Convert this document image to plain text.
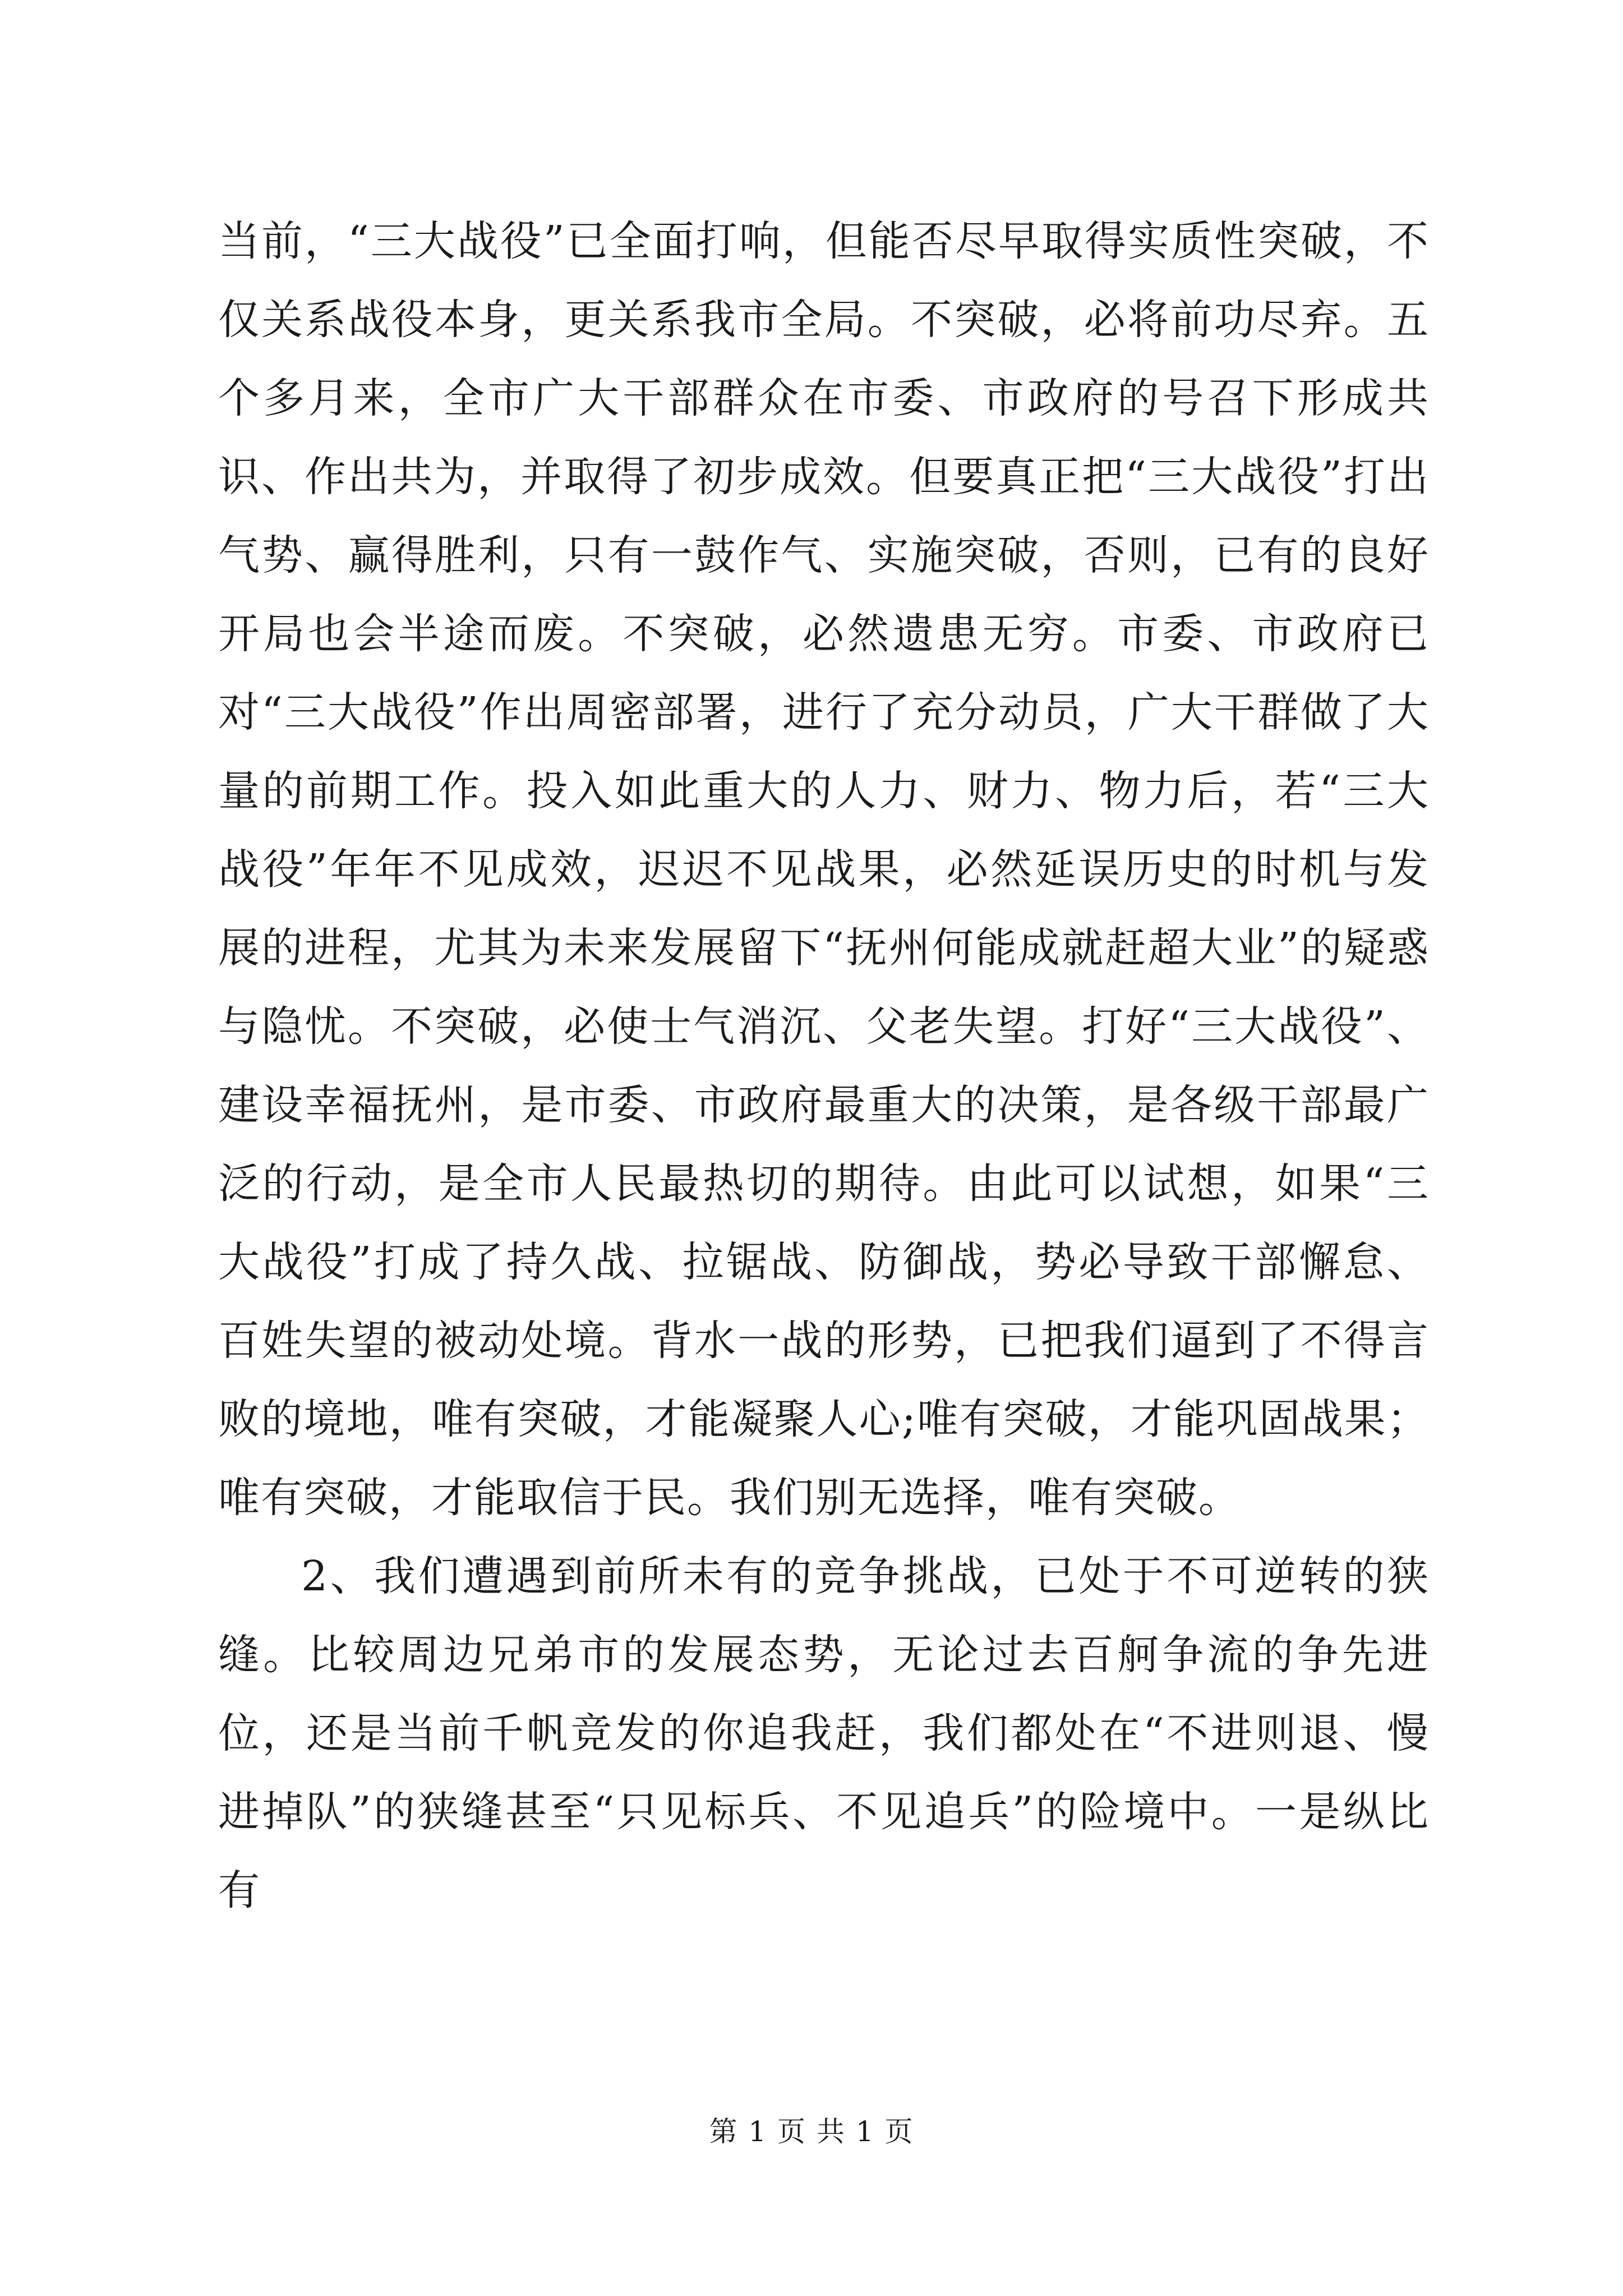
当前，“三大战役”已全面打响，但能否尽早取得实质性突破，不仅关系战役本身，更关系我市全局。不突破，必将前功尽弃。五个多月来，全市广大干部群众在市委、市政府的号召下形成共识、作出共为，并取得了初步成效。但要真正把“三大战役”打出气势、赢得胜利，只有一鼓作气、实施突破，否则，已有的良好开局也会半途而废。不突破，必然遗患无穷。市委、市政府已对“三大战役”作出周密部署，进行了充分动员，广大干群做了大量的前期工作。投入如此重大的人力、财力、物力后，若“三大战役”年年不见成效，迟迟不见战果，必然延误历史的时机与发展的进程，尤其为未来发展留下“抚州何能成就赶超大业”的疑惑与隐忧。不突破，必使士气消沉、父老失望。打好“三大战役”、建设幸福抚州，是市委、市政府最重大的决策，是各级干部最广泛的行动，是全市人民最热切的期待。由此可以试想，如果“三大战役”打成了持久战、拉锯战、防御战，势必导致干部懈怠、百姓失望的被动处境。背水一战的形势，已把我们逼到了不得言败的境地，唯有突破，才能凝聚人心;唯有突破，才能巩固战果；唯有突破，才能取信于民。我们别无选择，唯有突破。

2、我们遭遇到前所未有的竞争挑战，已处于不可逆转的狭缝。比较周边兄弟市的发展态势，无论过去百舸争流的争先进位，还是当前千帆竞发的你追我赶，我们都处在“不进则退、慢进掉队”的狭缝甚至“只见标兵、不见追兵”的险境中。一是纵比有

第 1 页 共 1 页
